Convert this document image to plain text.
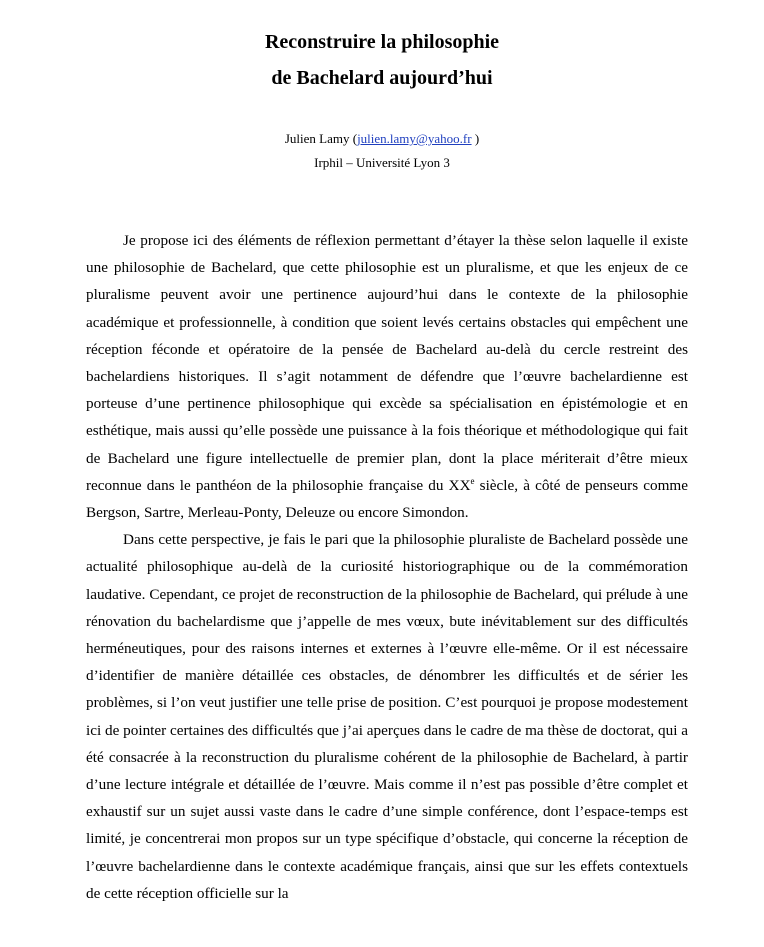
Reconstruire la philosophie
de Bachelard aujourd’hui
Julien Lamy (julien.lamy@yahoo.fr )
Irphil – Université Lyon 3

Je propose ici des éléments de réflexion permettant d’étayer la thèse selon laquelle il existe une philosophie de Bachelard, que cette philosophie est un pluralisme, et que les enjeux de ce pluralisme peuvent avoir une pertinence aujourd’hui dans le contexte de la philosophie académique et professionnelle, à condition que soient levés certains obstacles qui empêchent une réception féconde et opératoire de la pensée de Bachelard au-delà du cercle restreint des bachelardiens historiques. Il s’agit notamment de défendre que l’œuvre bachelardienne est porteuse d’une pertinence philosophique qui excède sa spécialisation en épistémologie et en esthétique, mais aussi qu’elle possède une puissance à la fois théorique et méthodologique qui fait de Bachelard une figure intellectuelle de premier plan, dont la place mériterait d’être mieux reconnue dans le panthéon de la philosophie française du XXe siècle, à côté de penseurs comme Bergson, Sartre, Merleau-Ponty, Deleuze ou encore Simondon.

Dans cette perspective, je fais le pari que la philosophie pluraliste de Bachelard possède une actualité philosophique au-delà de la curiosité historiographique ou de la commémoration laudative. Cependant, ce projet de reconstruction de la philosophie de Bachelard, qui prélude à une rénovation du bachelardisme que j’appelle de mes vœux, bute inévitablement sur des difficultés herméneutiques, pour des raisons internes et externes à l’œuvre elle-même. Or il est nécessaire d’identifier de manière détaillée ces obstacles, de dénombrer les difficultés et de sérier les problèmes, si l’on veut justifier une telle prise de position. C’est pourquoi je propose modestement ici de pointer certaines des difficultés que j’ai aperçues dans le cadre de ma thèse de doctorat, qui a été consacrée à la reconstruction du pluralisme cohérent de la philosophie de Bachelard, à partir d’une lecture intégrale et détaillée de l’œuvre. Mais comme il n’est pas possible d’être complet et exhaustif sur un sujet aussi vaste dans le cadre d’une simple conférence, dont l’espace-temps est limité, je concentrerai mon propos sur un type spécifique d’obstacle, qui concerne la réception de l’œuvre bachelardienne dans le contexte académique français, ainsi que sur les effets contextuels de cette réception officielle sur la
